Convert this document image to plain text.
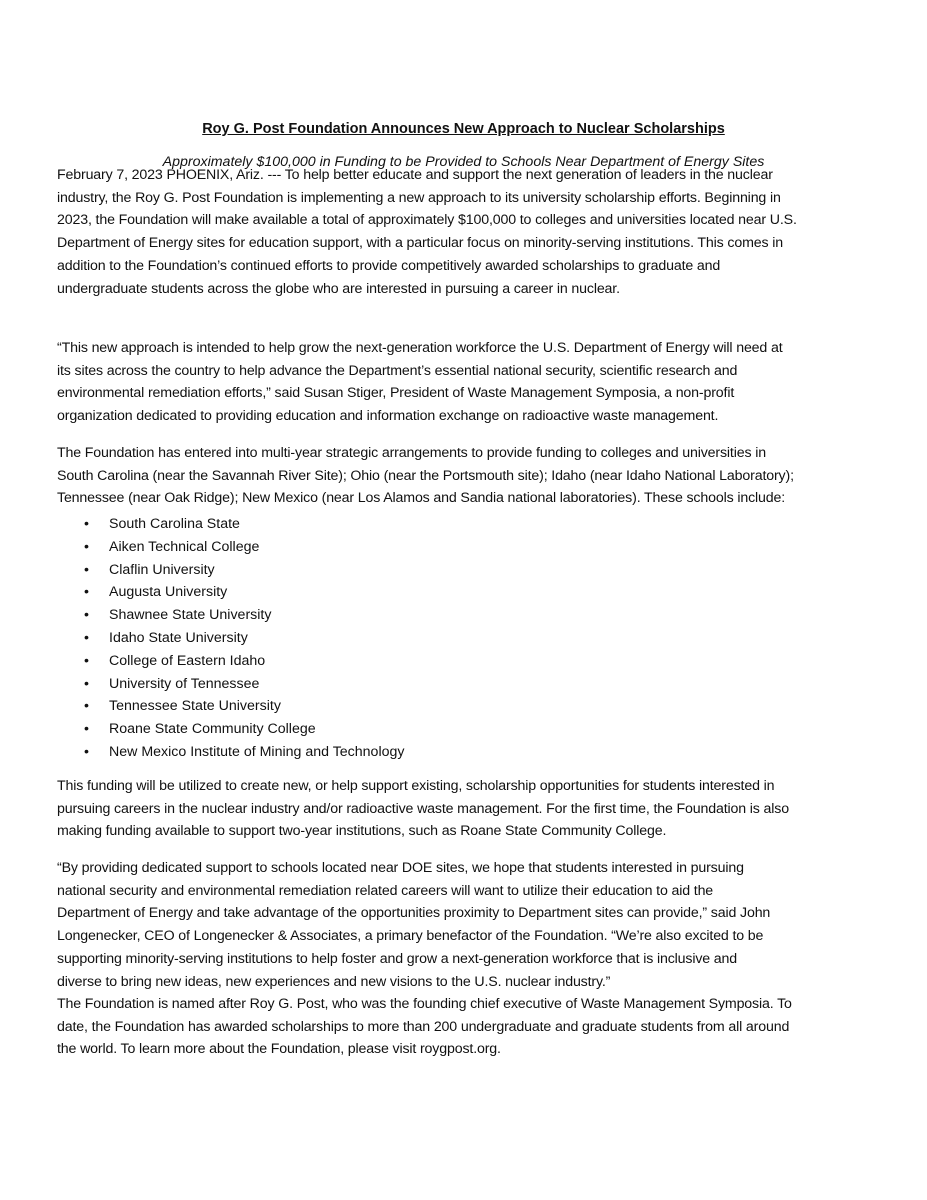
Roy G. Post Foundation Announces New Approach to Nuclear Scholarships
Approximately $100,000 in Funding to be Provided to Schools Near Department of Energy Sites
February 7, 2023 PHOENIX, Ariz. --- To help better educate and support the next generation of leaders in the nuclear
industry, the Roy G. Post Foundation is implementing a new approach to its university scholarship efforts. Beginning in
2023, the Foundation will make available a total of approximately $100,000 to colleges and universities located near U.S.
Department of Energy sites for education support, with a particular focus on minority-serving institutions. This comes in
addition to the Foundation’s continued efforts to provide competitively awarded scholarships to graduate and
undergraduate students across the globe who are interested in pursuing a career in nuclear.
“This new approach is intended to help grow the next-generation workforce the U.S. Department of Energy will need at
its sites across the country to help advance the Department’s essential national security, scientific research and
environmental remediation efforts,” said Susan Stiger, President of Waste Management Symposia, a non-profit
organization dedicated to providing education and information exchange on radioactive waste management.
The Foundation has entered into multi-year strategic arrangements to provide funding to colleges and universities in
South Carolina (near the Savannah River Site); Ohio (near the Portsmouth site); Idaho (near Idaho National Laboratory);
Tennessee (near Oak Ridge); New Mexico (near Los Alamos and Sandia national laboratories). These schools include:
This funding will be utilized to create new, or help support existing, scholarship opportunities for students interested in
pursuing careers in the nuclear industry and/or radioactive waste management. For the first time, the Foundation is also
making funding available to support two-year institutions, such as Roane State Community College.
“By providing dedicated support to schools located near DOE sites, we hope that students interested in pursuing
national security and environmental remediation related careers will want to utilize their education to aid the
Department of Energy and take advantage of the opportunities proximity to Department sites can provide,” said John
Longenecker, CEO of Longenecker & Associates, a primary benefactor of the Foundation. “We’re also excited to be
supporting minority-serving institutions to help foster and grow a next-generation workforce that is inclusive and
diverse to bring new ideas, new experiences and new visions to the U.S. nuclear industry.”
The Foundation is named after Roy G. Post, who was the founding chief executive of Waste Management Symposia. To
date, the Foundation has awarded scholarships to more than 200 undergraduate and graduate students from all around
the world. To learn more about the Foundation, please visit roygpost.org.
• South Carolina State
• Aiken Technical College
• Claflin University
• Augusta University
• Shawnee State University
• Idaho State University
• College of Eastern Idaho
• University of Tennessee
• Tennessee State University
• Roane State Community College
• New Mexico Institute of Mining and Technology
